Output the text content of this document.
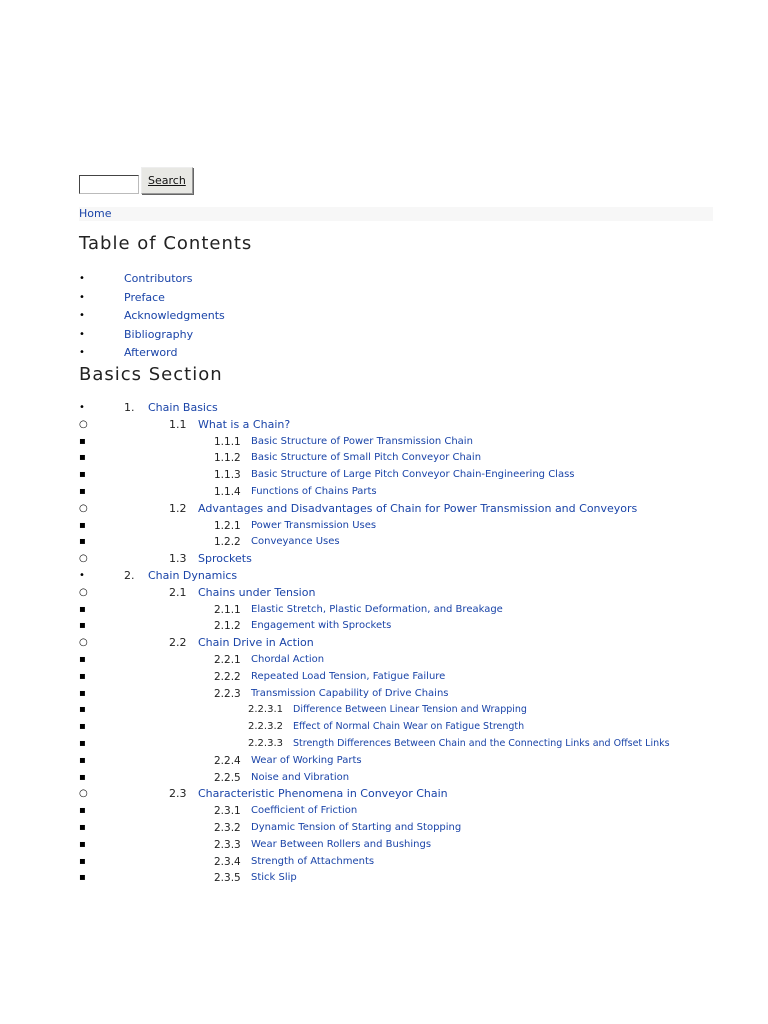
Search
Home
Table of Contents
•	Contributors
•	Preface
•	Acknowledgments
•	Bibliography
•	Afterword
Basics Section
•	1. Chain Basics
○	1.1 What is a Chain?
▪	1.1.1 Basic Structure of Power Transmission Chain
▪	1.1.2 Basic Structure of Small Pitch Conveyor Chain
▪	1.1.3 Basic Structure of Large Pitch Conveyor Chain-Engineering Class
▪	1.1.4 Functions of Chains Parts
○	1.2 Advantages and Disadvantages of Chain for Power Transmission and Conveyors
▪	1.2.1 Power Transmission Uses
▪	1.2.2 Conveyance Uses
○	1.3 Sprockets
•	2. Chain Dynamics
○	2.1 Chains under Tension
▪	2.1.1 Elastic Stretch, Plastic Deformation, and Breakage
▪	2.1.2 Engagement with Sprockets
○	2.2 Chain Drive in Action
▪	2.2.1 Chordal Action
▪	2.2.2 Repeated Load Tension, Fatigue Failure
▪	2.2.3 Transmission Capability of Drive Chains
▪	2.2.3.1 Difference Between Linear Tension and Wrapping
▪	2.2.3.2 Effect of Normal Chain Wear on Fatigue Strength
▪	2.2.3.3 Strength Differences Between Chain and the Connecting Links and Offset Links
▪	2.2.4 Wear of Working Parts
▪	2.2.5 Noise and Vibration
○	2.3 Characteristic Phenomena in Conveyor Chain
▪	2.3.1 Coefficient of Friction
▪	2.3.2 Dynamic Tension of Starting and Stopping
▪	2.3.3 Wear Between Rollers and Bushings
▪	2.3.4 Strength of Attachments
▪	2.3.5 Stick Slip
